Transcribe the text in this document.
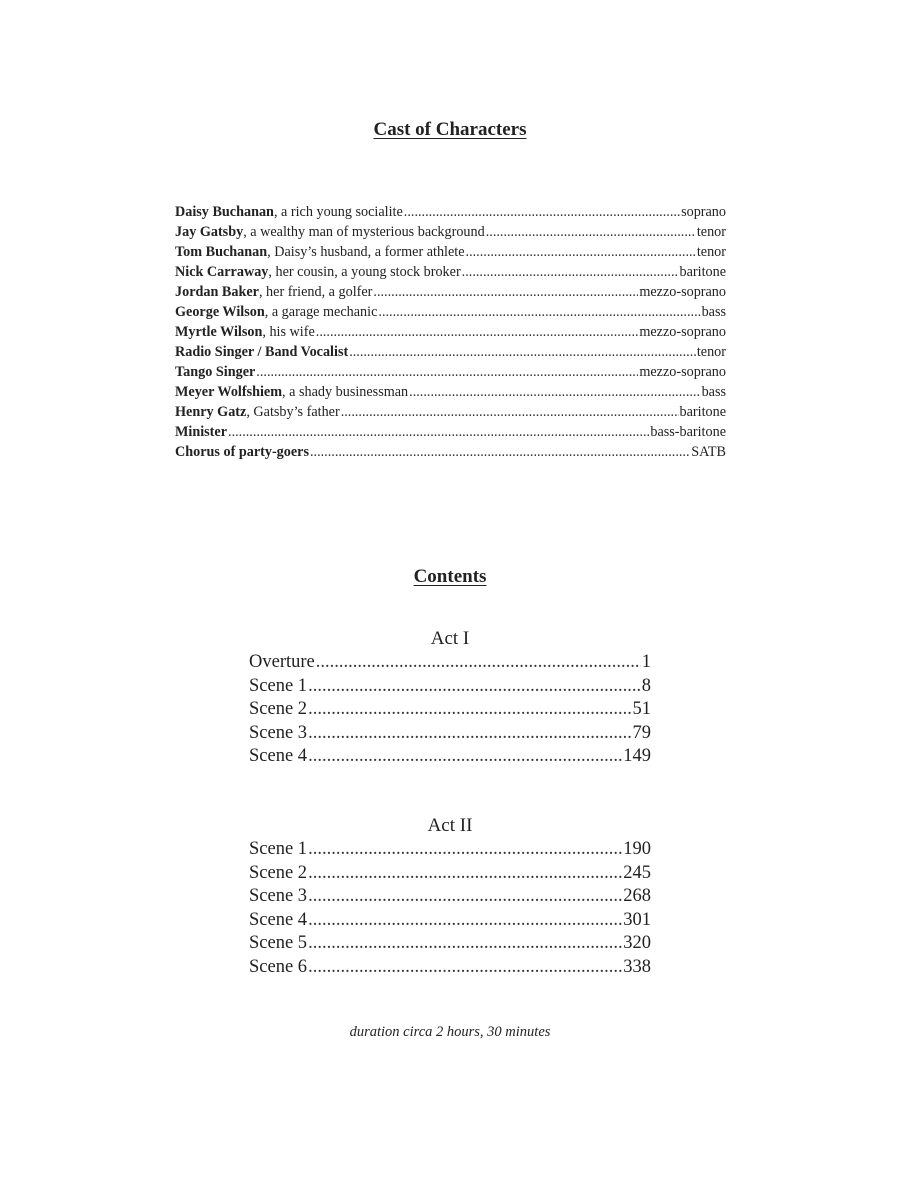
Cast of Characters
Daisy Buchanan , a rich young socialite .....	soprano
Jay Gatsby , a wealthy man of mysterious background .....	tenor
Tom Buchanan , Daisy’s husband, a former athlete .....	tenor
Nick Carraway , her cousin, a young stock broker .....	baritone
Jordan Baker , her friend, a golfer .....	mezzo-soprano
George Wilson , a garage mechanic .....	bass
Myrtle Wilson , his wife .....	mezzo-soprano
Radio Singer / Band Vocalist .....	tenor
Tango Singer .....	mezzo-soprano
Meyer Wolfshiem , a shady businessman .....	bass
Henry Gatz , Gatsby’s father .....	baritone
Minister .....	bass-baritone
Chorus of party-goers .....	SATB
Contents
Act I
Overture .....	1
Scene 1 .....	8
Scene 2 .....	51
Scene 3 .....	79
Scene 4 .....	149
Act II
Scene 1 .....	190
Scene 2 .....	245
Scene 3 .....	268
Scene 4 .....	301
Scene 5 .....	320
Scene 6 .....	338
duration circa 2 hours, 30 minutes
